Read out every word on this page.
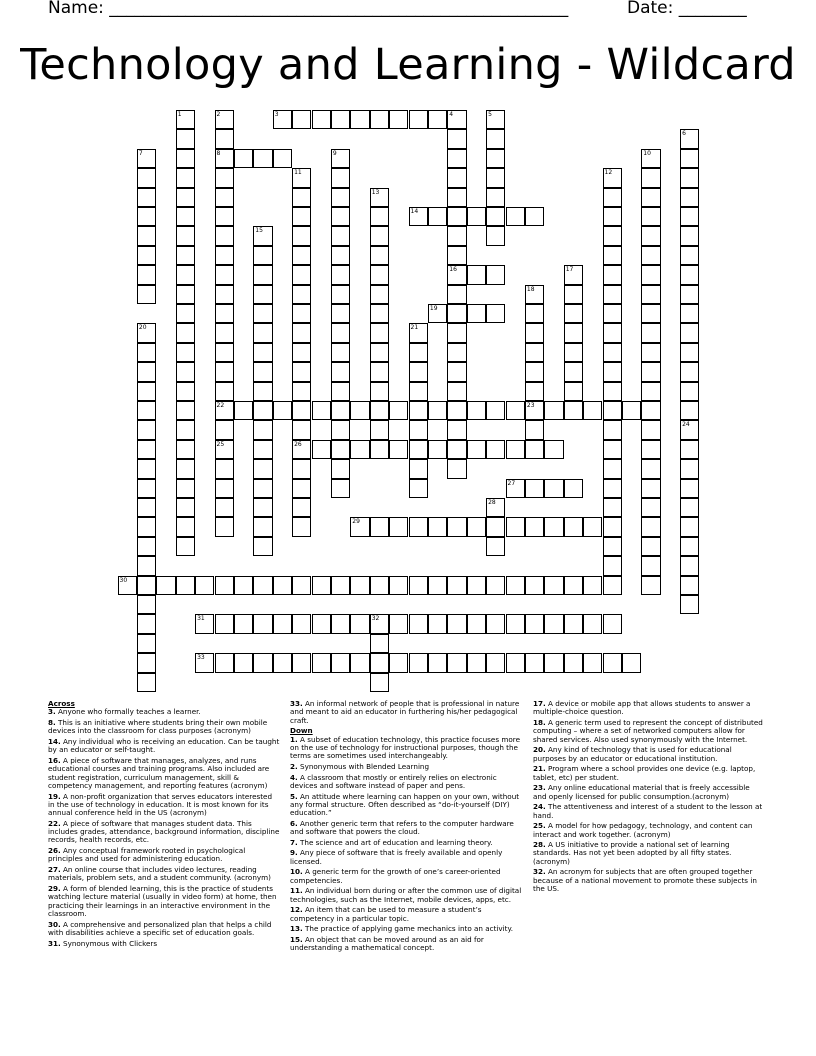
Name: ______________________________________________________	Date: ________
Technology and Learning - Wildcard
1	2
8
22
25
3	4
16
5
6
24
7	9	10
11
26
12
13
14
15
17
18
23
19
20	21
27
28
29
30
31	32
33
Across
3. Anyone who formally teaches a learner.
8. This is an initiative where students bring their own mobile devices into the classroom for class purposes (acronym)
14. Any individual who is receiving an education. Can be taught by an educator or self-taught.
16. A piece of software that manages, analyzes, and runs educational courses and training programs. Also included are student registration, curriculum management, skill & competency management, and reporting features (acronym)
19. A non-profit organization that serves educators interested in the use of technology in education. It is most known for its annual conference held in the US (acronym)
22. A piece of software that manages student data. This includes grades, attendance, background information, discipline records, health records, etc.
26. Any conceptual framework rooted in psychological principles and used for administering education.
27. An online course that includes video lectures, reading materials, problem sets, and a student community. (acronym)
29. A form of blended learning, this is the practice of students watching lecture material (usually in video form) at home, then practicing their learnings in an interactive environment in the classroom.
30. A comprehensive and personalized plan that helps a child with disabilities achieve a specific set of education goals.
31. Synonymous with Clickers
33. An informal network of people that is professional in nature and meant to aid an educator in furthering his/her pedagogical craft.
Down
1. A subset of education technology, this practice focuses more on the use of technology for instructional purposes, though the terms are sometimes used interchangeably.
2. Synonymous with Blended Learning
4. A classroom that mostly or entirely relies on electronic devices and software instead of paper and pens.
5. An attitude where learning can happen on your own, without any formal structure. Often described as “do-it-yourself (DIY) education.”
6. Another generic term that refers to the computer hardware and software that powers the cloud.
7. The science and art of education and learning theory.
9. Any piece of software that is freely available and openly licensed.
10. A generic term for the growth of one’s career-oriented competencies.
11. An individual born during or after the common use of digital technologies, such as the Internet, mobile devices, apps, etc.
12. An item that can be used to measure a student’s competency in a particular topic.
13. The practice of applying game mechanics into an activity.
15. An object that can be moved around as an aid for understanding a mathematical concept.
17. A device or mobile app that allows students to answer a multiple-choice question.
18. A generic term used to represent the concept of distributed computing – where a set of networked computers allow for shared services. Also used synonymously with the Internet.
20. Any kind of technology that is used for educational purposes by an educator or educational institution.
21. Program where a school provides one device (e.g. laptop, tablet, etc) per student.
23. Any online educational material that is freely accessible and openly licensed for public consumption.(acronym)
24. The attentiveness and interest of a student to the lesson at hand.
25. A model for how pedagogy, technology, and content can interact and work together. (acronym)
28. A US initiative to provide a national set of learning standards. Has not yet been adopted by all fifty states. (acronym)
32. An acronym for subjects that are often grouped together because of a national movement to promote these subjects in the US.
